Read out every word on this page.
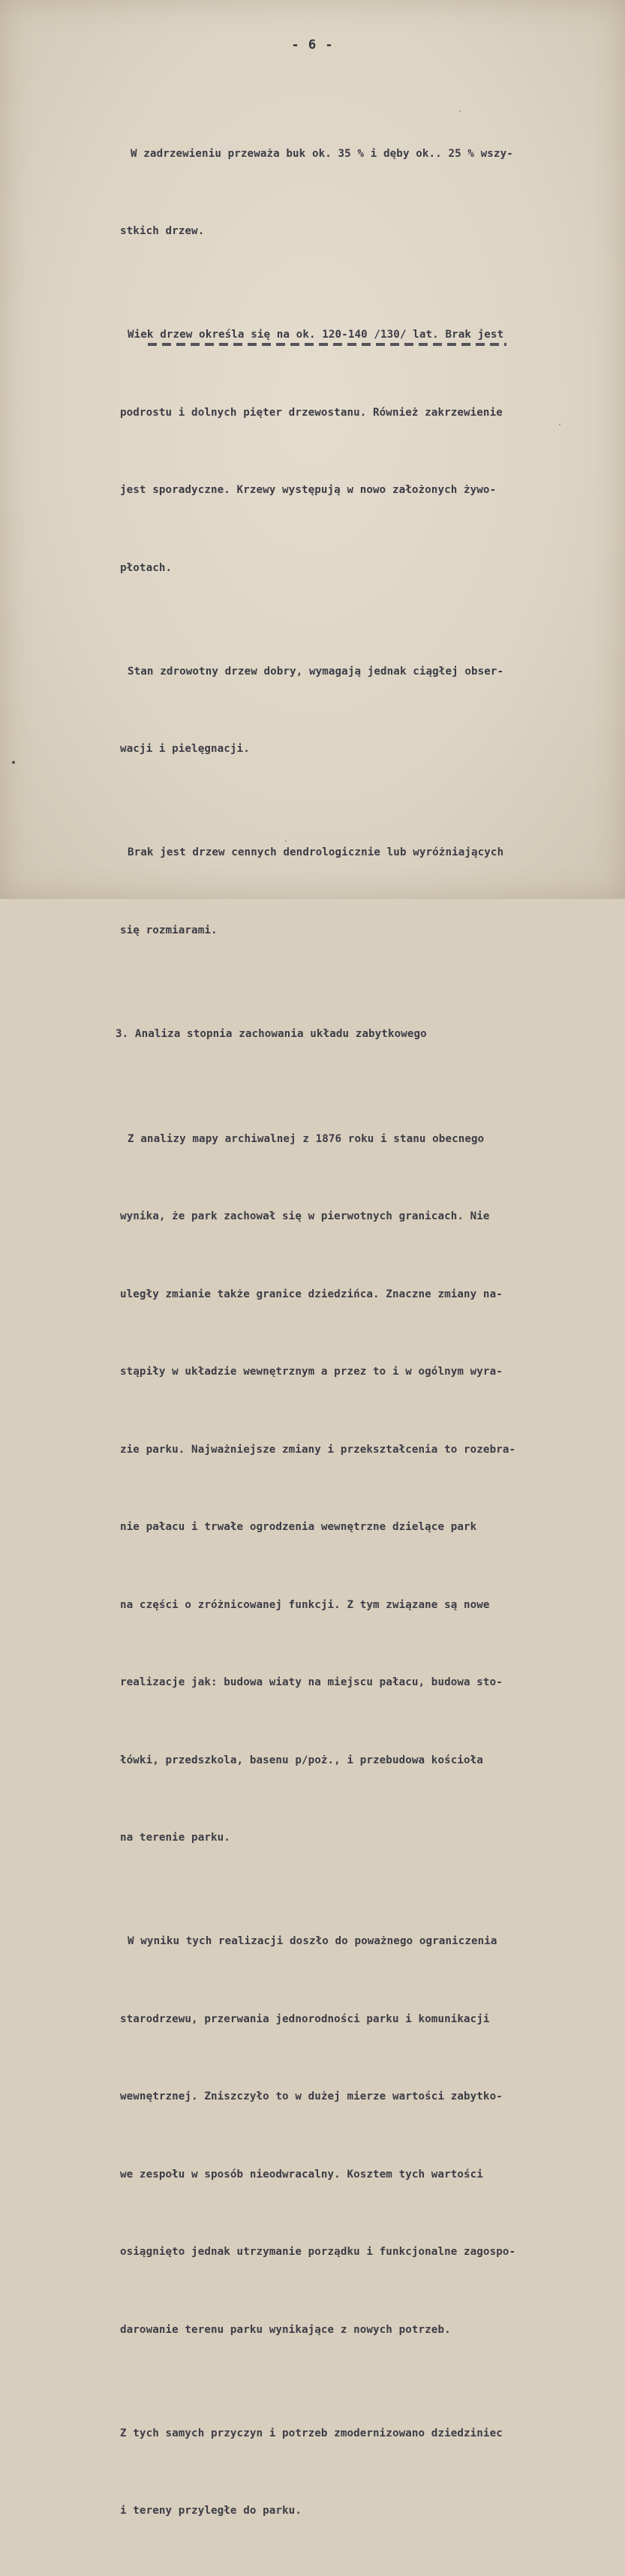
- 6 -

W zadrzewieniu przeważa buk ok. 35 % i dęby ok.. 25 % wszy-

stkich drzew.

Wiek drzew określa się na ok. 120-140 /130/ lat. Brak jest

podrostu i dolnych pięter drzewostanu. Również zakrzewienie

jest sporadyczne. Krzewy występują w nowo założonych żywo-

płotach.

Stan zdrowotny drzew dobry, wymagają jednak ciągłej obser-

wacji i pielęgnacji.

Brak jest drzew cennych dendrologicznie lub wyróżniających

się rozmiarami.

3. Analiza stopnia zachowania układu zabytkowego

Z analizy mapy archiwalnej z 1876 roku i stanu obecnego

wynika, że park zachował się w pierwotnych granicach. Nie

uległy zmianie także granice dziedzińca. Znaczne zmiany na-

stąpiły w układzie wewnętrznym a przez to i w ogólnym wyra-

zie parku. Najważniejsze zmiany i przekształcenia to rozebra-

nie pałacu i trwałe ogrodzenia wewnętrzne dzielące park

na części o zróżnicowanej funkcji. Z tym związane są nowe

realizacje jak: budowa wiaty na miejscu pałacu, budowa sto-

łówki, przedszkola, basenu p/poż., i przebudowa kościoła

na terenie parku.

W wyniku tych realizacji doszło do poważnego ograniczenia

starodrzewu, przerwania jednorodności parku i komunikacji

wewnętrznej. Zniszczyło to w dużej mierze wartości zabytko-

we zespołu w sposób nieodwracalny. Kosztem tych wartości

osiągnięto jednak utrzymanie porządku i funkcjonalne zagospo-

darowanie terenu parku wynikające z nowych potrzeb.

Z tych samych przyczyn i potrzeb zmodernizowano dziedziniec

i tereny przyległe do parku.
